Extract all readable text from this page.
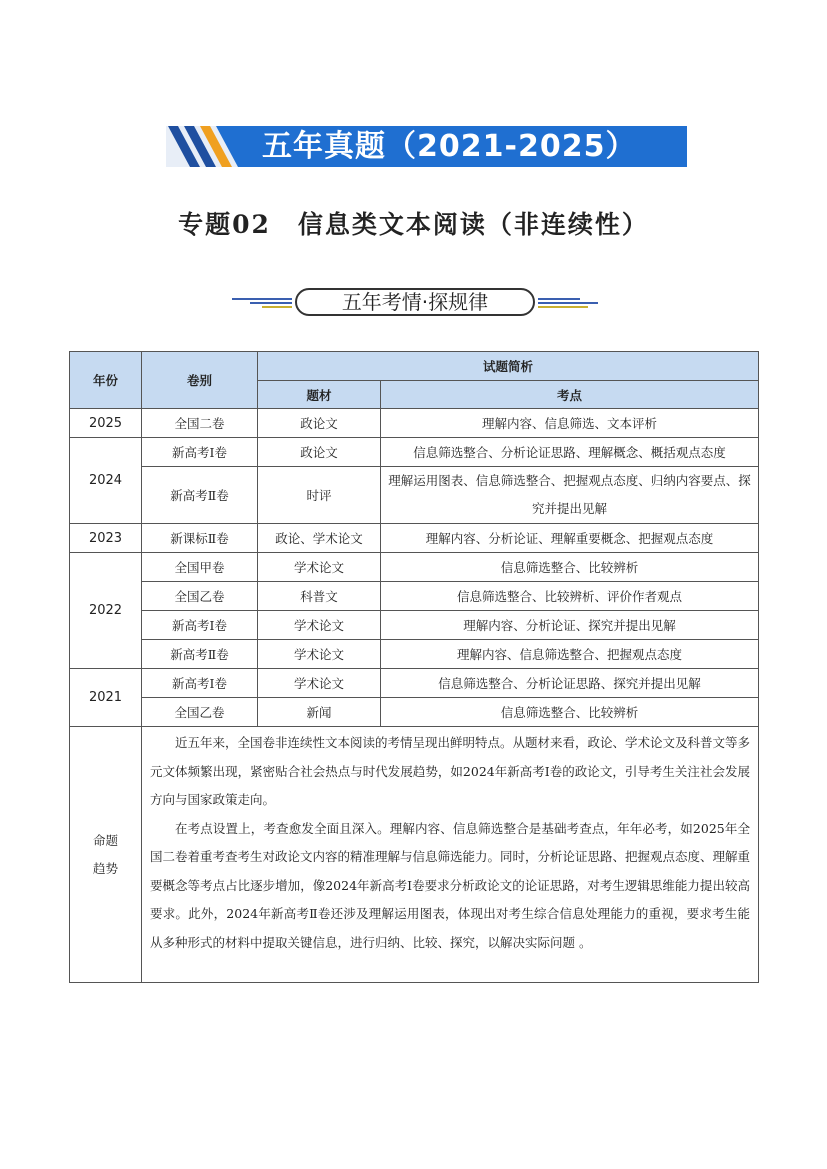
五年真题（2021-2025）
专题02　信息类文本阅读（非连续性）
五年考情·探规律
年份	卷别	试题简析	
		题材	考点
2025	全国二卷	政论文	理解内容、信息筛选、文本评析
2024	新高考Ⅰ卷	政论文	信息筛选整合、分析论证思路、理解概念、概括观点态度
	新高考Ⅱ卷	时评	理解运用图表、信息筛选整合、把握观点态度、归纳内容要点、探究并提出见解
2023	新课标Ⅱ卷	政论、学术论文	理解内容、分析论证、理解重要概念、把握观点态度
2022	全国甲卷	学术论文	信息筛选整合、比较辨析
	全国乙卷	科普文	信息筛选整合、比较辨析、评价作者观点
	新高考Ⅰ卷	学术论文	理解内容、分析论证、探究并提出见解
	新高考Ⅱ卷	学术论文	理解内容、信息筛选整合、把握观点态度
2021	新高考Ⅰ卷	学术论文	信息筛选整合、分析论证思路、探究并提出见解
	全国乙卷	新闻	信息筛选整合、比较辨析

命题趋势	近五年来，全国卷非连续性文本阅读的考情呈现出鲜明特点。从题材来看，政论、学术论文及科普文等多元文体频繁出现，紧密贴合社会热点与时代发展趋势，如2024年新高考Ⅰ卷的政论文，引导考生关注社会发展方向与国家政策走向。

在考点设置上，考查愈发全面且深入。理解内容、信息筛选整合是基础考查点，年年必考，如2025年全国二卷着重考查考生对政论文内容的精准理解与信息筛选能力。同时，分析论证思路、把握观点态度、理解重要概念等考点占比逐步增加，像2024年新高考Ⅰ卷要求分析政论文的论证思路，对考生逻辑思维能力提出较高要求。此外，2024年新高考Ⅱ卷还涉及理解运用图表，体现出对考生综合信息处理能力的重视，要求考生能从多种形式的材料中提取关键信息，进行归纳、比较、探究，以解决实际问题 。		
